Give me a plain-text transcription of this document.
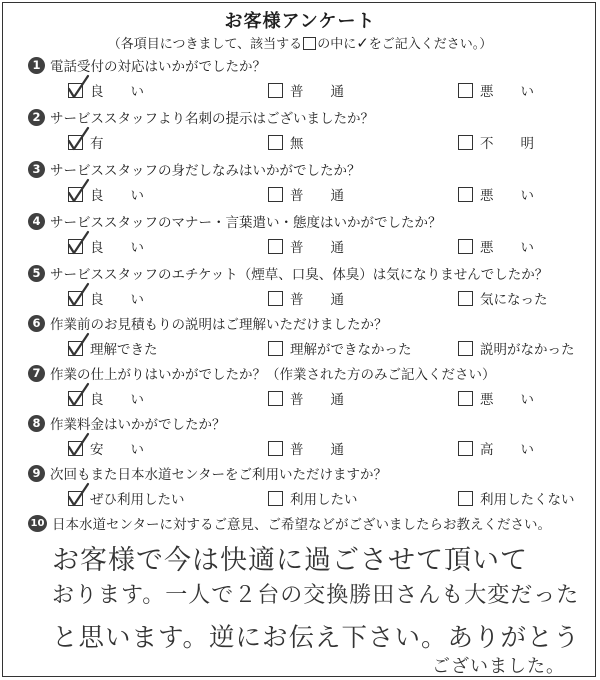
お客様アンケート
（各項目につきまして、該当する の中に✓をご記入ください。）
1 電話受付の対応はいかがでしたか？
良　　い	普　　通	悪　　い
2 サービススタッフより名刺の提示はございましたか？
有	無	不　　明
3 サービススタッフの身だしなみはいかがでしたか？
良　　い	普　　通	悪　　い
4 サービススタッフのマナー・言葉遣い・態度はいかがでしたか？
良　　い	普　　通	悪　　い
5 サービススタッフのエチケット（煙草、口臭、体臭）は気になりませんでしたか？
良　　い	普　　通	気になった
6 作業前のお見積もりの説明はご理解いただけましたか？
理解できた	理解ができなかった	説明がなかった
7 作業の仕上がりはいかがでしたか？（作業された方のみご記入ください）
良　　い	普　　通	悪　　い
8 作業料金はいかがでしたか？
安　　い	普　　通	高　　い
9 次回もまた日本水道センターをご利用いただけますか？
ぜひ利用したい	利用したい	利用したくない
10 日本水道センターに対するご意見、ご希望などがございましたらお教えください。
お客様で今は快適に過ごさせて頂いて
おります。一人で２台の交換勝田さんも大変だった
と思います。逆にお伝え下さい。ありがとう
ございました。
